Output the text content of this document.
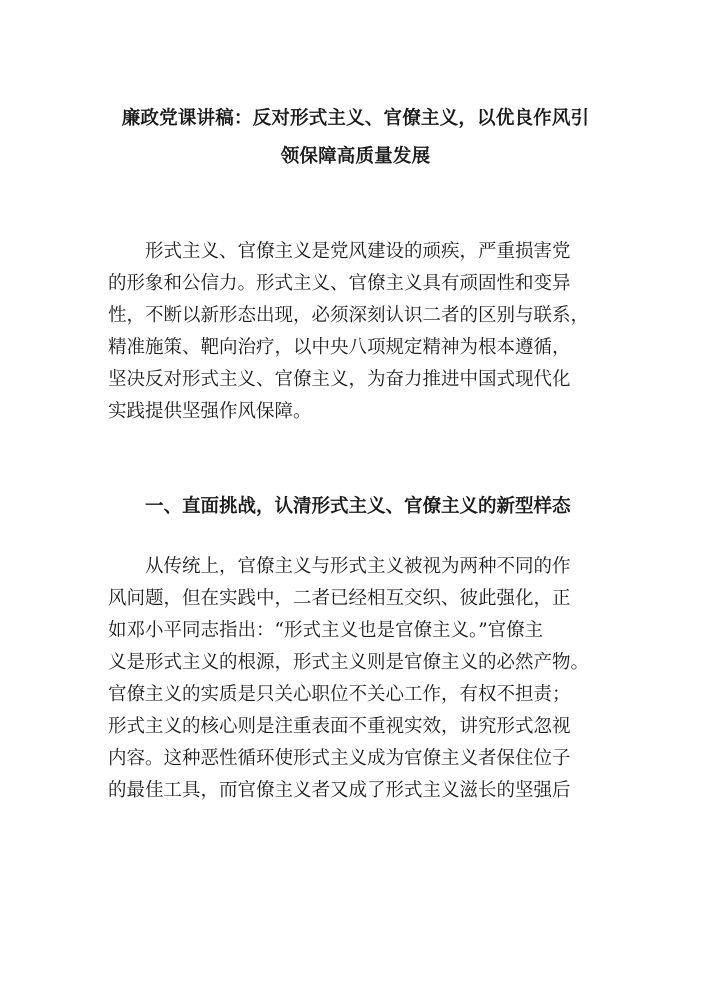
廉政党课讲稿：反对形式主义、官僚主义，以优良作风引
领保障高质量发展
形式主义、官僚主义是党风建设的顽疾，严重损害党
的形象和公信力。形式主义、官僚主义具有顽固性和变异
性，不断以新形态出现，必须深刻认识二者的区别与联系，
精准施策、靶向治疗，以中央八项规定精神为根本遵循，
坚决反对形式主义、官僚主义，为奋力推进中国式现代化
实践提供坚强作风保障。
一、直面挑战，认清形式主义、官僚主义的新型样态
从传统上，官僚主义与形式主义被视为两种不同的作
风问题，但在实践中，二者已经相互交织、彼此强化，正
如邓小平同志指出：“形式主义也是官僚主义。”官僚主
义是形式主义的根源，形式主义则是官僚主义的必然产物。
官僚主义的实质是只关心职位不关心工作，有权不担责；
形式主义的核心则是注重表面不重视实效，讲究形式忽视
内容。这种恶性循环使形式主义成为官僚主义者保住位子
的最佳工具，而官僚主义者又成了形式主义滋长的坚强后
